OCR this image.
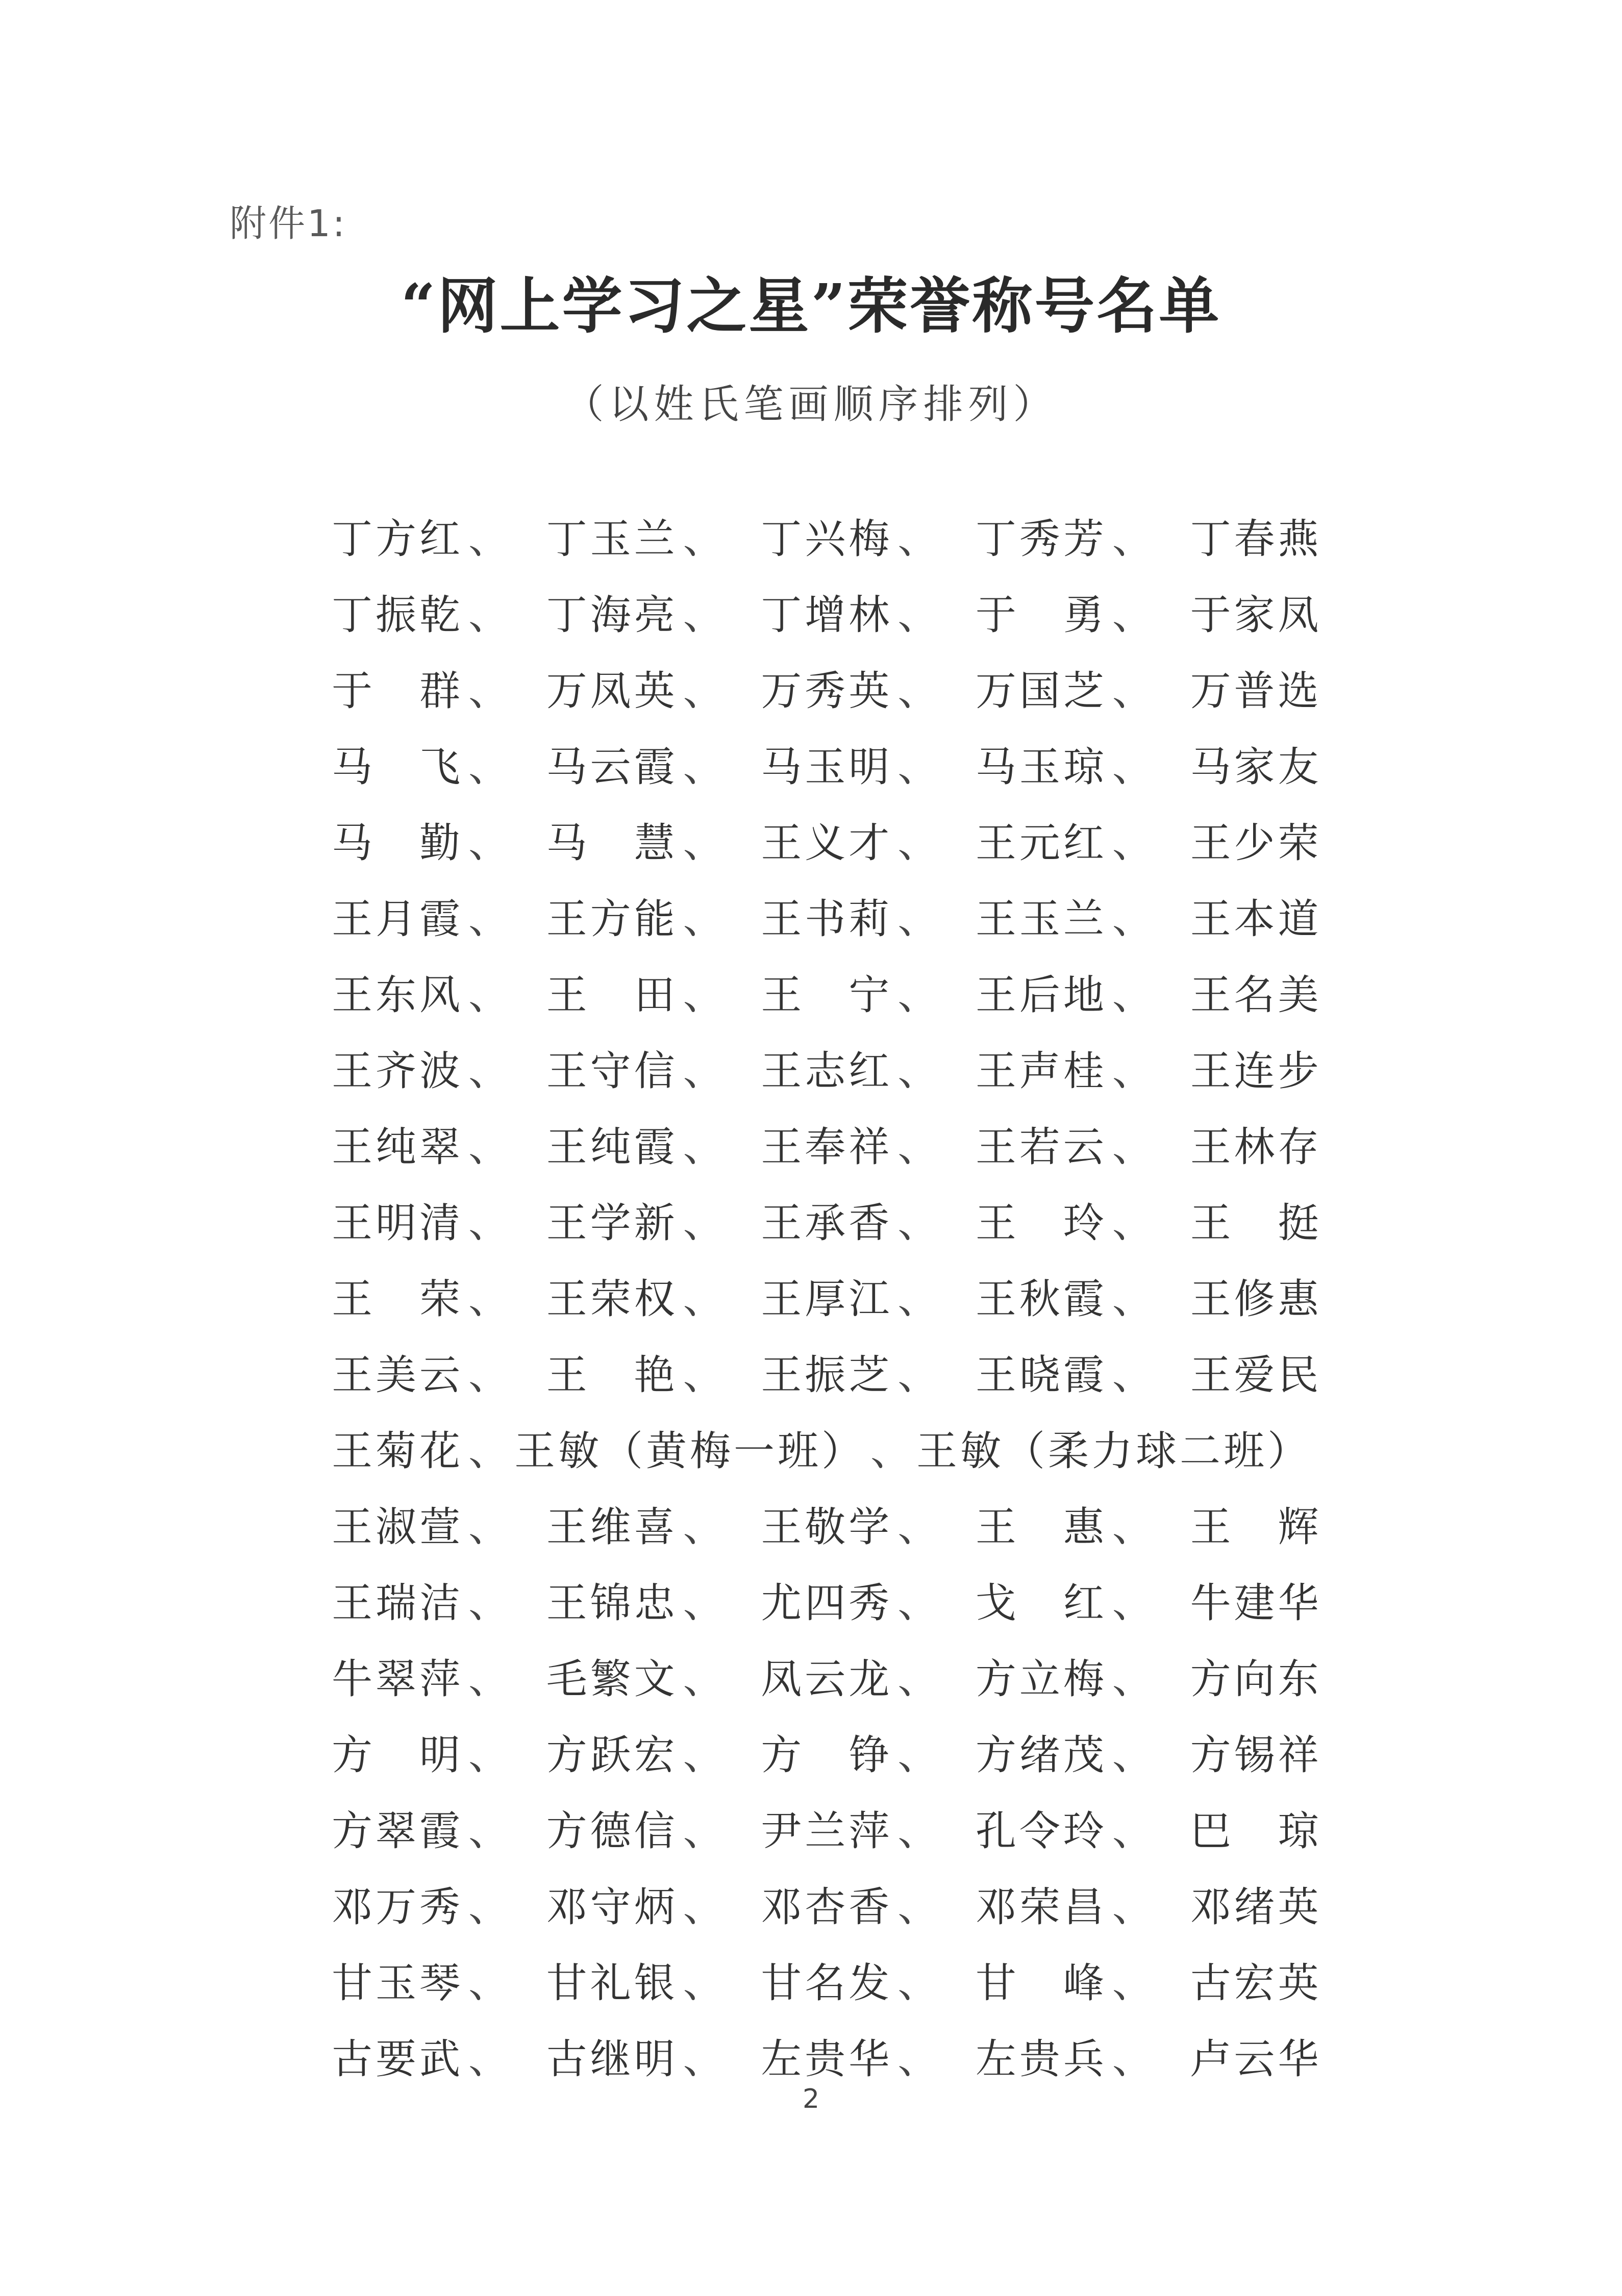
附件1:
“网上学习之星”荣誉称号名单
（以姓氏笔画顺序排列）
丁方红 、 丁玉兰 、 丁兴梅 、 丁秀芳 、 丁春燕
丁振乾 、 丁海亮 、 丁增林 、 于　勇 、 于家凤
于　群 、 万凤英 、 万秀英 、 万国芝 、 万普选
马　飞 、 马云霞 、 马玉明 、 马玉琼 、 马家友
马　勤 、 马　慧 、 王义才 、 王元红 、 王少荣
王月霞 、 王方能 、 王书莉 、 王玉兰 、 王本道
王东风 、 王　田 、 王　宁 、 王后地 、 王名美
王齐波 、 王守信 、 王志红 、 王声桂 、 王连步
王纯翠 、 王纯霞 、 王奉祥 、 王若云 、 王林存
王明清 、 王学新 、 王承香 、 王　玲 、 王　挺
王　荣 、 王荣权 、 王厚江 、 王秋霞 、 王修惠
王美云 、 王　艳 、 王振芝 、 王晓霞 、 王爱民
王菊花 、 王敏（黄梅一班） 、 王敏（柔力球二班）
王淑萱 、 王维喜 、 王敬学 、 王　惠 、 王　辉
王瑞洁 、 王锦忠 、 尤四秀 、 戈　红 、 牛建华
牛翠萍 、 毛繁文 、 凤云龙 、 方立梅 、 方向东
方　明 、 方跃宏 、 方　铮 、 方绪茂 、 方锡祥
方翠霞 、 方德信 、 尹兰萍 、 孔令玲 、 巴　琼
邓万秀 、 邓守炳 、 邓杏香 、 邓荣昌 、 邓绪英
甘玉琴 、 甘礼银 、 甘名发 、 甘　峰 、 古宏英
古要武 、 古继明 、 左贵华 、 左贵兵 、 卢云华
2
